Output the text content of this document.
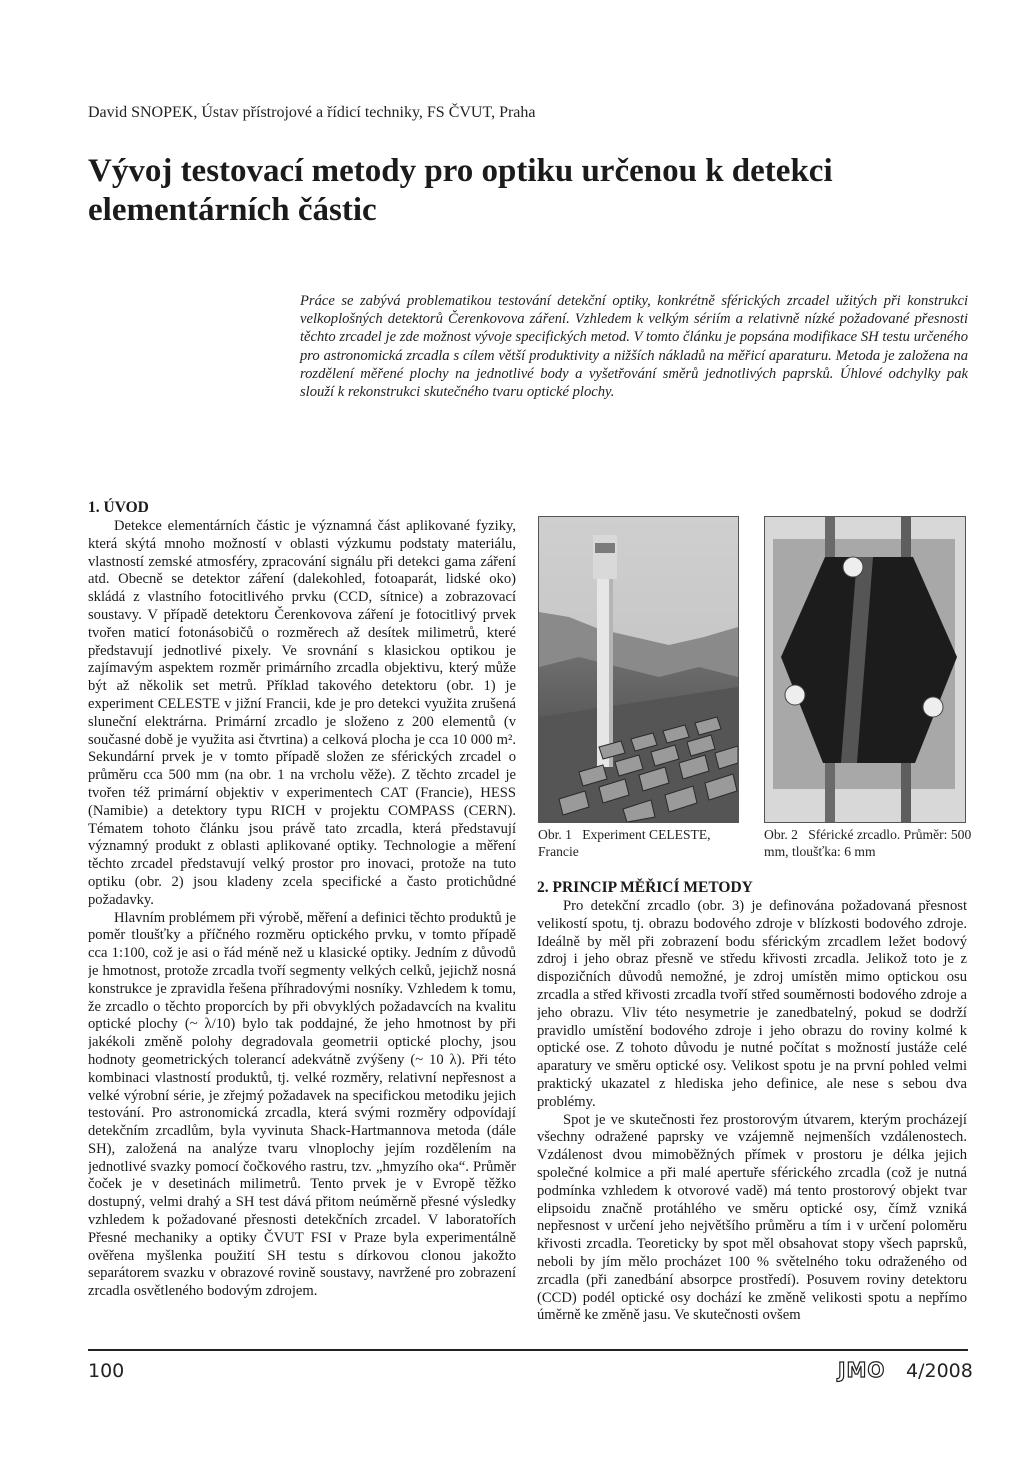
David SNOPEK, Ústav přístrojové a řídicí techniky, FS ČVUT, Praha
Vývoj testovací metody pro optiku určenou k detekci elementárních částic

Práce se zabývá problematikou testování detekční optiky, konkrétně sférických zrcadel užitých při konstrukci velkoplošných detektorů Čerenkovova záření. Vzhledem k velkým sériím a relativně nízké požadované přesnosti těchto zrcadel je zde možnost vývoje specifických metod. V tomto článku je popsána modifikace SH testu určeného pro astronomická zrcadla s cílem větší produktivity a nižších nákladů na měřicí aparaturu. Metoda je založena na rozdělení měřené plochy na jednotlivé body a vyšetřování směrů jednotlivých paprsků. Úhlové odchylky pak slouží k rekonstrukci skutečného tvaru optické plochy.

1. ÚVOD

Detekce elementárních částic je významná část aplikované fyziky, která skýtá mnoho možností v oblasti výzkumu podstaty materiálu, vlastností zemské atmosféry, zpracování signálu při detekci gama záření atd. Obecně se detektor záření (dalekohled, fotoaparát, lidské oko) skládá z vlastního fotocitlivého prvku (CCD, sítnice) a zobrazovací soustavy. V případě detektoru Čerenkovova záření je fotocitlivý prvek tvořen maticí fotonásobičů o rozměrech až desítek milimetrů, které představují jednotlivé pixely. Ve srovnání s klasickou optikou je zajímavým aspektem rozměr primárního zrcadla objektivu, který může být až několik set metrů. Příklad takového detektoru (obr. 1) je experiment CELESTE v jižní Francii, kde je pro detekci využita zrušená sluneční elektrárna. Primární zrcadlo je složeno z 200 elementů (v současné době je využita asi čtvrtina) a celková plocha je cca 10 000 m². Sekundární prvek je v tomto případě složen ze sférických zrcadel o průměru cca 500 mm (na obr. 1 na vrcholu věže). Z těchto zrcadel je tvořen též primární objektiv v experimentech CAT (Francie), HESS (Namibie) a detektory typu RICH v projektu COMPASS (CERN). Tématem tohoto článku jsou právě tato zrcadla, která představují významný produkt z oblasti aplikované optiky. Technologie a měření těchto zrcadel představují velký prostor pro inovaci, protože na tuto optiku (obr. 2) jsou kladeny zcela specifické a často protichůdné požadavky.

Hlavním problémem při výrobě, měření a definici těchto produktů je poměr tloušťky a příčného rozměru optického prvku, v tomto případě cca 1:100, což je asi o řád méně než u klasické optiky. Jedním z důvodů je hmotnost, protože zrcadla tvoří segmenty velkých celků, jejichž nosná konstrukce je zpravidla řešena příhradovými nosníky. Vzhledem k tomu, že zrcadlo o těchto proporcích by při obvyklých požadavcích na kvalitu optické plochy (~ λ/10) bylo tak poddajné, že jeho hmotnost by při jakékoli změně polohy degradovala geometrii optické plochy, jsou hodnoty geometrických tolerancí adekvátně zvýšeny (~ 10 λ). Při této kombinaci vlastností produktů, tj. velké rozměry, relativní nepřesnost a velké výrobní série, je zřejmý požadavek na specifickou metodiku jejich testování. Pro astronomická zrcadla, která svými rozměry odpovídají detekčním zrcadlům, byla vyvinuta Shack-Hartmannova metoda (dále SH), založená na analýze tvaru vlnoplochy jejím rozdělením na jednotlivé svazky pomocí čočkového rastru, tzv. „hmyzího oka“. Průměr čoček je v desetinách milimetrů. Tento prvek je v Evropě těžko dostupný, velmi drahý a SH test dává přitom neúměrně přesné výsledky vzhledem k požadované přesnosti detekčních zrcadel. V laboratořích Přesné mechaniky a optiky ČVUT FSI v Praze byla experimentálně ověřena myšlenka použití SH testu s dírkovou clonou jakožto separátorem svazku v obrazové rovině soustavy, navržené pro zobrazení zrcadla osvětleného bodovým zdrojem.

Obr. 1 Experiment CELESTE, Francie
Obr. 2 Sférické zrcadlo. Průměr: 500 mm, tloušťka: 6 mm
2. PRINCIP MĚŘICÍ METODY

Pro detekční zrcadlo (obr. 3) je definována požadovaná přesnost velikostí spotu, tj. obrazu bodového zdroje v blízkosti bodového zdroje. Ideálně by měl při zobrazení bodu sférickým zrcadlem ležet bodový zdroj i jeho obraz přesně ve středu křivosti zrcadla. Jelikož toto je z dispozičních důvodů nemožné, je zdroj umístěn mimo optickou osu zrcadla a střed křivosti zrcadla tvoří střed souměrnosti bodového zdroje a jeho obrazu. Vliv této nesymetrie je zanedbatelný, pokud se dodrží pravidlo umístění bodového zdroje i jeho obrazu do roviny kolmé k optické ose. Z tohoto důvodu je nutné počítat s možností justáže celé aparatury ve směru optické osy. Velikost spotu je na první pohled velmi praktický ukazatel z hlediska jeho definice, ale nese s sebou dva problémy.

Spot je ve skutečnosti řez prostorovým útvarem, kterým procházejí všechny odražené paprsky ve vzájemně nejmenších vzdálenostech. Vzdálenost dvou mimoběžných přímek v prostoru je délka jejich společné kolmice a při malé apertuře sférického zrcadla (což je nutná podmínka vzhledem k otvorové vadě) má tento prostorový objekt tvar elipsoidu značně protáhlého ve směru optické osy, čímž vzniká nepřesnost v určení jeho největšího průměru a tím i v určení poloměru křivosti zrcadla. Teoreticky by spot měl obsahovat stopy všech paprsků, neboli by jím mělo procházet 100 % světelného toku odraženého od zrcadla (při zanedbání absorpce prostředí). Posuvem roviny detektoru (CCD) podél optické osy dochází ke změně velikosti spotu a nepřímo úměrně ke změně jasu. Ve skutečnosti ovšem

100	JMO 4/2008
